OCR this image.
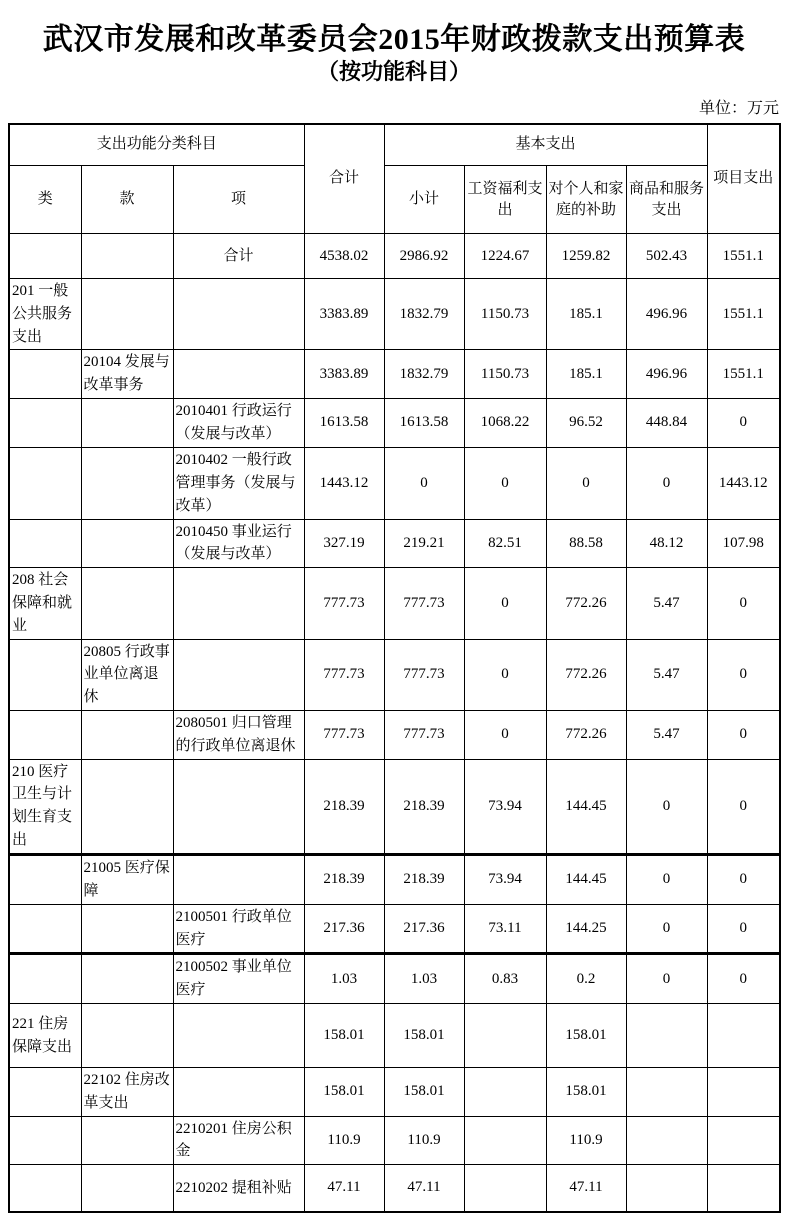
武汉市发展和改革委员会2015年财政拨款支出预算表
（按功能科目）
单位：万元
支出功能分类科目			合计	基本支出				项目支出
类	款	项		小计	工资福利支出	对个人和家庭的补助	商品和服务支出	
		合计	4538.02	2986.92	1224.67	1259.82	502.43	1551.1
201 一般公共服务支出			3383.89	1832.79	1150.73	185.1	496.96	1551.1
	20104 发展与改革事务		3383.89	1832.79	1150.73	185.1	496.96	1551.1
		2010401 行政运行（发展与改革）	1613.58	1613.58	1068.22	96.52	448.84	0
		2010402 一般行政管理事务（发展与改革）	1443.12	0	0	0	0	1443.12
		2010450 事业运行（发展与改革）	327.19	219.21	82.51	88.58	48.12	107.98
208 社会保障和就业			777.73	777.73	0	772.26	5.47	0
	20805 行政事业单位离退休		777.73	777.73	0	772.26	5.47	0
		2080501 归口管理的行政单位离退休	777.73	777.73	0	772.26	5.47	0
210 医疗卫生与计划生育支出			218.39	218.39	73.94	144.45	0	0
	21005 医疗保障		218.39	218.39	73.94	144.45	0	0
		2100501 行政单位医疗	217.36	217.36	73.11	144.25	0	0
		2100502 事业单位医疗	1.03	1.03	0.83	0.2	0	0
221 住房保障支出			158.01	158.01		158.01		
	22102 住房改革支出		158.01	158.01		158.01		
		2210201 住房公积金	110.9	110.9		110.9		
		2210202 提租补贴	47.11	47.11		47.11		
